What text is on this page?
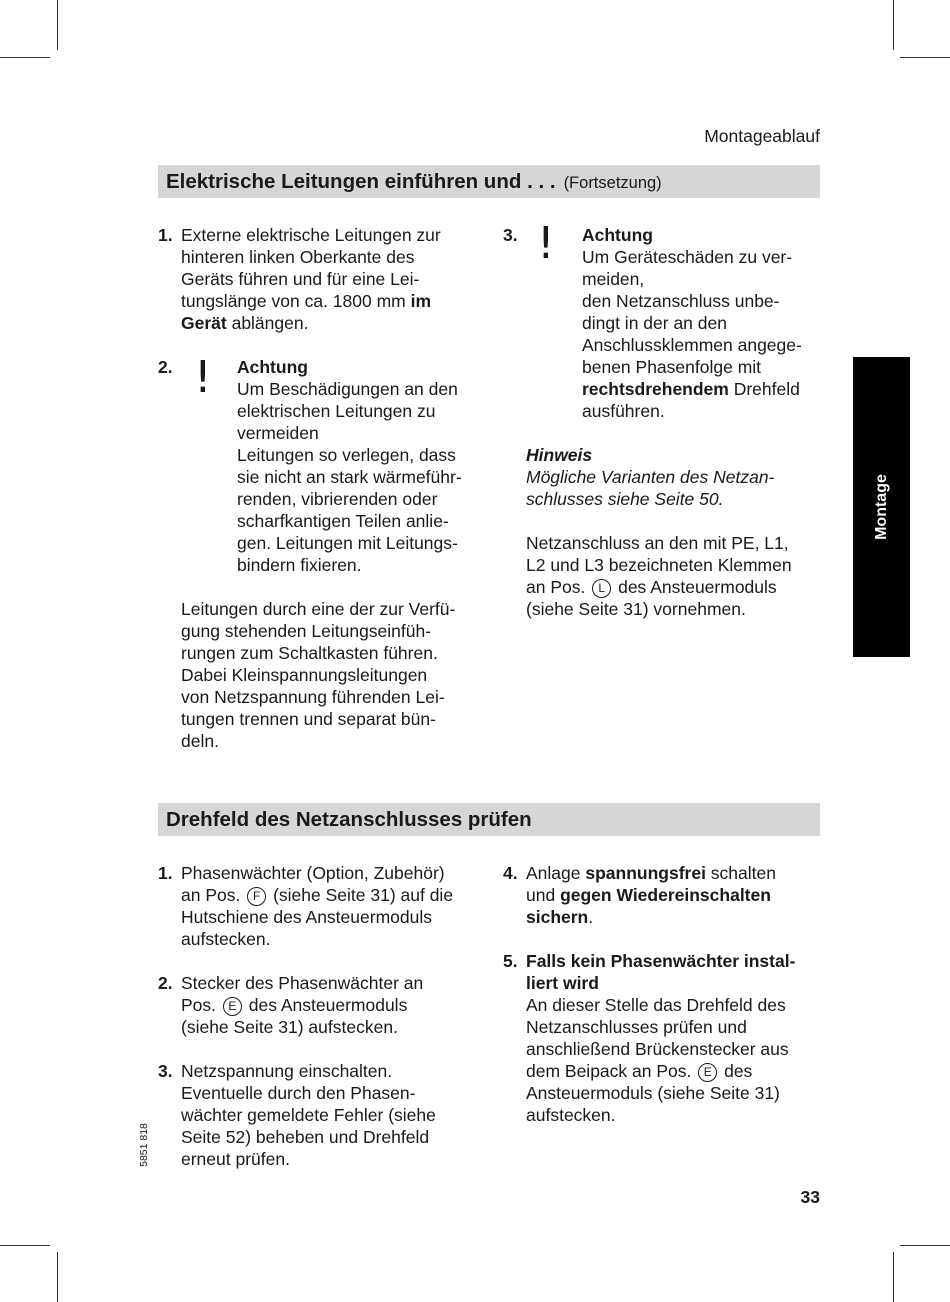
Montageablauf
Elektrische Leitungen einführen und . . . (Fortsetzung)
1. Externe elektrische Leitungen zur
hinteren linken Oberkante des
Geräts führen und für eine Lei-
tungslänge von ca. 1800 mm im
Gerät ablängen.
2. ! Achtung
Um Beschädigungen an den
elektrischen Leitungen zu
vermeiden
Leitungen so verlegen, dass
sie nicht an stark wärmeführ-
renden, vibrierenden oder
scharfkantigen Teilen anlie-
gen. Leitungen mit Leitungs-
bindern fixieren.
Leitungen durch eine der zur Verfü-
gung stehenden Leitungseinfüh-
rungen zum Schaltkasten führen.
Dabei Kleinspannungsleitungen
von Netzspannung führenden Lei-
tungen trennen und separat bün-
deln.
3. ! Achtung
Um Geräteschäden zu ver-
meiden,
den Netzanschluss unbe-
dingt in der an den
Anschlussklemmen angege-
benen Phasenfolge mit
rechtsdrehendem Drehfeld
ausführen.
Hinweis
Mögliche Varianten des Netzan-
schlusses siehe Seite 50.
Netzanschluss an den mit PE, L1,
L2 und L3 bezeichneten Klemmen
an Pos. L des Ansteuermoduls
(siehe Seite 31) vornehmen.
Montage
Drehfeld des Netzanschlusses prüfen
1. Phasenwächter (Option, Zubehör)
an Pos. F (siehe Seite 31) auf die
Hutschiene des Ansteuermoduls
aufstecken.
2. Stecker des Phasenwächter an
Pos. E des Ansteuermoduls
(siehe Seite 31) aufstecken.
3. Netzspannung einschalten.
Eventuelle durch den Phasen-
wächter gemeldete Fehler (siehe
Seite 52) beheben und Drehfeld
erneut prüfen.
4. Anlage spannungsfrei schalten
und gegen Wiedereinschalten
sichern.
5. Falls kein Phasenwächter instal-
liert wird
An dieser Stelle das Drehfeld des
Netzanschlusses prüfen und
anschließend Brückenstecker aus
dem Beipack an Pos. E des
Ansteuermoduls (siehe Seite 31)
aufstecken.
5851 818
33
